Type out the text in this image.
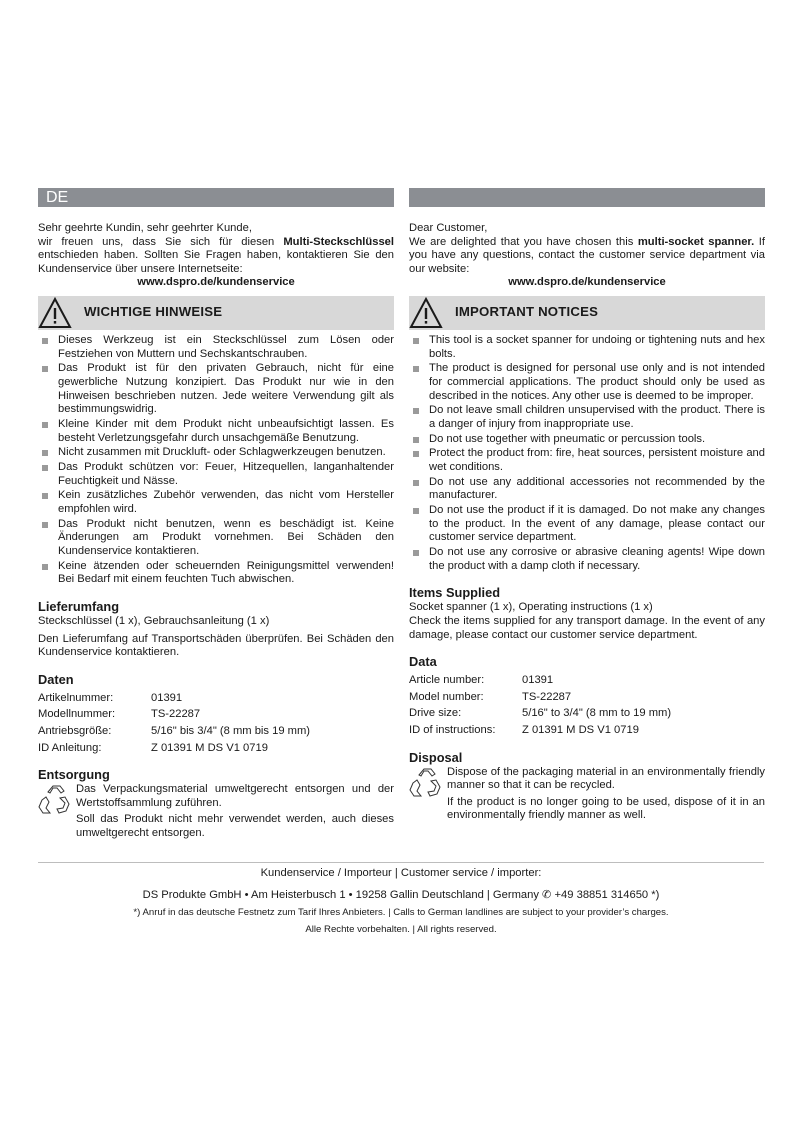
DE

Sehr geehrte Kundin, sehr geehrter Kunde,

wir freuen uns, dass Sie sich für diesen Multi-Steckschlüssel entschieden haben. Sollten Sie Fragen haben, kontaktieren Sie den Kundenservice über unsere Internetseite:

www.dspro.de/kundenservice

WICHTIGE HINWEISE
Dieses Werkzeug ist ein Steckschlüssel zum Lösen oder Festziehen von Muttern und Sechskantschrauben.
Das Produkt ist für den privaten Gebrauch, nicht für eine gewerbliche Nutzung konzipiert. Das Produkt nur wie in den Hinweisen beschrieben nutzen. Jede weitere Verwendung gilt als bestimmungswidrig.
Kleine Kinder mit dem Produkt nicht unbeaufsichtigt lassen. Es besteht Verletzungsgefahr durch unsachgemäße Benutzung.
Nicht zusammen mit Druckluft- oder Schlagwerkzeugen benutzen.
Das Produkt schützen vor: Feuer, Hitzequellen, langanhaltender Feuchtigkeit und Nässe.
Kein zusätzliches Zubehör verwenden, das nicht vom Hersteller empfohlen wird.
Das Produkt nicht benutzen, wenn es beschädigt ist. Keine Änderungen am Produkt vornehmen. Bei Schäden den Kundenservice kontaktieren.
Keine ätzenden oder scheuernden Reinigungsmittel verwenden! Bei Bedarf mit einem feuchten Tuch abwischen.
Lieferumfang

Steckschlüssel (1 x), Gebrauchsanleitung (1 x)

Den Lieferumfang auf Transportschäden überprüfen. Bei Schäden den Kundenservice kontaktieren.

Daten
Artikelnummer:	01391
Modellnummer:	TS-22287
Antriebsgröße:	5/16" bis 3/4" (8 mm bis 19 mm)
ID Anleitung:	Z 01391 M DS V1 0719
Entsorgung

Das Verpackungsmaterial umweltgerecht entsorgen und der Wertstoffsammlung zuführen.

Soll das Produkt nicht mehr verwendet werden, auch dieses umweltgerecht entsorgen.

Dear Customer,

We are delighted that you have chosen this multi-socket spanner. If you have any questions, contact the customer service department via our website:

www.dspro.de/kundenservice

IMPORTANT NOTICES
This tool is a socket spanner for undoing or tightening nuts and hex bolts.
The product is designed for personal use only and is not intended for commercial applications. The product should only be used as described in the notices. Any other use is deemed to be improper.
Do not leave small children unsupervised with the product. There is a danger of injury from inappropriate use.
Do not use together with pneumatic or percussion tools.
Protect the product from: fire, heat sources, persistent moisture and wet conditions.
Do not use any additional accessories not recommended by the manufacturer.
Do not use the product if it is damaged. Do not make any changes to the product. In the event of any damage, please contact our customer service department.
Do not use any corrosive or abrasive cleaning agents! Wipe down the product with a damp cloth if necessary.
Items Supplied

Socket spanner (1 x), Operating instructions (1 x)

Check the items supplied for any transport damage. In the event of any damage, please contact our customer service department.

Data
Article number:	01391
Model number:	TS-22287
Drive size:	5/16" to 3/4" (8 mm to 19 mm)
ID of instructions:	Z 01391 M DS V1 0719
Disposal

Dispose of the packaging material in an environmentally friendly manner so that it can be recycled.

If the product is no longer going to be used, dispose of it in an environmentally friendly manner as well.

Kundenservice / Importeur | Customer service / importer:
DS Produkte GmbH • Am Heisterbusch 1 • 19258 Gallin Deutschland | Germany ✆ +49 38851 314650 *)
*) Anruf in das deutsche Festnetz zum Tarif Ihres Anbieters. | Calls to German landlines are subject to your provider’s charges.
Alle Rechte vorbehalten. | All rights reserved.
